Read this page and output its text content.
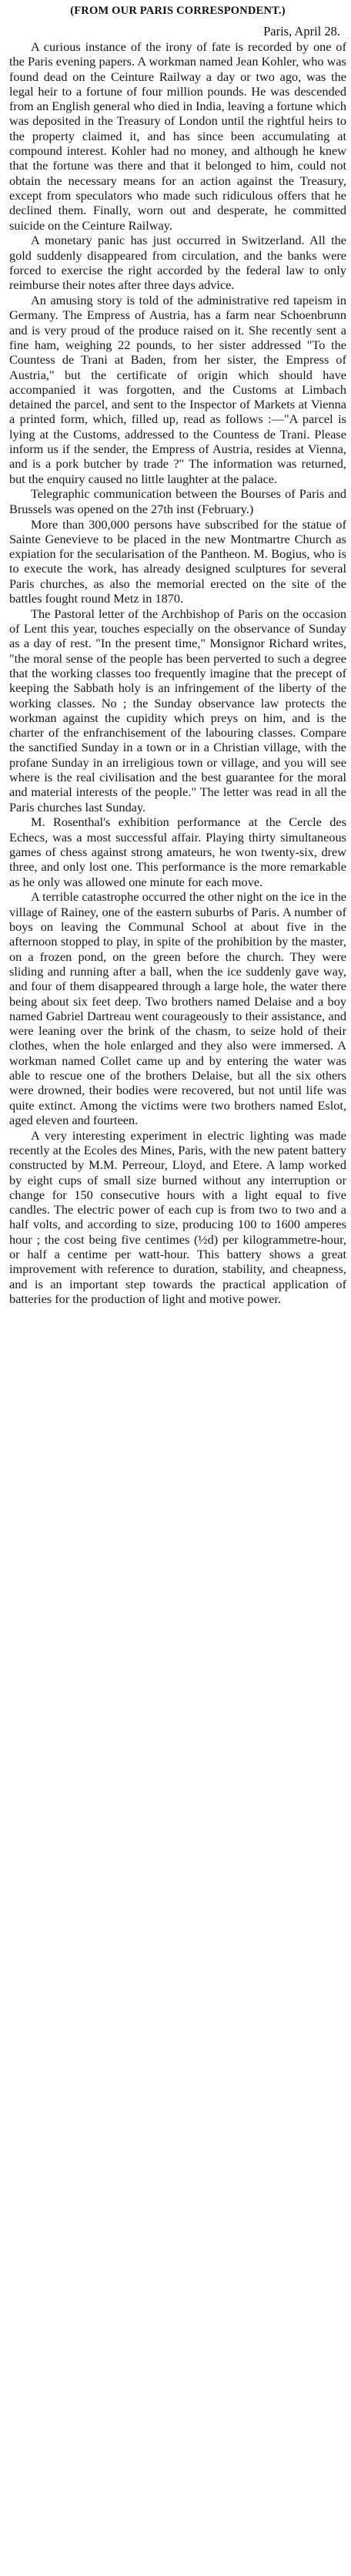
(FROM OUR PARIS CORRESPONDENT.)
Paris, April 28.

A curious instance of the irony of fate is recorded by one of the Paris evening papers. A workman named Jean Kohler, who was found dead on the Ceinture Railway a day or two ago, was the legal heir to a fortune of four million pounds. He was descended from an English general who died in India, leaving a fortune which was deposited in the Treasury of London until the rightful heirs to the property claimed it, and has since been accumulating at compound interest. Kohler had no money, and although he knew that the fortune was there and that it belonged to him, could not obtain the necessary means for an action against the Treasury, except from speculators who made such ridiculous offers that he declined them. Finally, worn out and desperate, he committed suicide on the Ceinture Railway.

A monetary panic has just occurred in Switzerland. All the gold suddenly disappeared from circulation, and the banks were forced to exercise the right accorded by the federal law to only reimburse their notes after three days advice.

An amusing story is told of the administrative red tapeism in Germany. The Empress of Austria, has a farm near Schoenbrunn and is very proud of the produce raised on it. She recently sent a fine ham, weighing 22 pounds, to her sister addressed "To the Countess de Trani at Baden, from her sister, the Empress of Austria," but the certificate of origin which should have accompanied it was forgotten, and the Customs at Limbach detained the parcel, and sent to the Inspector of Markets at Vienna a printed form, which, filled up, read as follows :—"A parcel is lying at the Customs, addressed to the Countess de Trani. Please inform us if the sender, the Empress of Austria, resides at Vienna, and is a pork butcher by trade ?" The information was returned, but the enquiry caused no little laughter at the palace.

Telegraphic communication between the Bourses of Paris and Brussels was opened on the 27th inst (February.)

More than 300,000 persons have subscribed for the statue of Sainte Genevieve to be placed in the new Montmartre Church as expiation for the secularisation of the Pantheon. M. Bogius, who is to execute the work, has already designed sculptures for several Paris churches, as also the memorial erected on the site of the battles fought round Metz in 1870.

The Pastoral letter of the Archbishop of Paris on the occasion of Lent this year, touches especially on the observance of Sunday as a day of rest. "In the present time," Monsignor Richard writes, "the moral sense of the people has been perverted to such a degree that the working classes too frequently imagine that the precept of keeping the Sabbath holy is an infringement of the liberty of the working classes. No ; the Sunday observance law protects the workman against the cupidity which preys on him, and is the charter of the enfranchisement of the labouring classes. Compare the sanctified Sunday in a town or in a Christian village, with the profane Sunday in an irreligious town or village, and you will see where is the real civilisation and the best guarantee for the moral and material interests of the people." The letter was read in all the Paris churches last Sunday.

M. Rosenthal's exhibition performance at the Cercle des Echecs, was a most successful affair. Playing thirty simultaneous games of chess against strong amateurs, he won twenty-six, drew three, and only lost one. This performance is the more remarkable as he only was allowed one minute for each move.

A terrible catastrophe occurred the other night on the ice in the village of Rainey, one of the eastern suburbs of Paris. A number of boys on leaving the Communal School at about five in the afternoon stopped to play, in spite of the prohibition by the master, on a frozen pond, on the green before the church. They were sliding and running after a ball, when the ice suddenly gave way, and four of them disappeared through a large hole, the water there being about six feet deep. Two brothers named Delaise and a boy named Gabriel Dartreau went courageously to their assistance, and were leaning over the brink of the chasm, to seize hold of their clothes, when the hole enlarged and they also were immersed. A workman named Collet came up and by entering the water was able to rescue one of the brothers Delaise, but all the six others were drowned, their bodies were recovered, but not until life was quite extinct. Among the victims were two brothers named Eslot, aged eleven and fourteen.

A very interesting experiment in electric lighting was made recently at the Ecoles des Mines, Paris, with the new patent battery constructed by M.M. Perreour, Lloyd, and Etere. A lamp worked by eight cups of small size burned without any interruption or change for 150 consecutive hours with a light equal to five candles. The electric power of each cup is from two to two and a half volts, and according to size, producing 100 to 1600 amperes hour ; the cost being five centimes (½d) per kilogrammetre-hour, or half a centime per watt-hour. This battery shows a great improvement with reference to duration, stability, and cheapness, and is an important step towards the practical application of batteries for the production of light and motive power.
